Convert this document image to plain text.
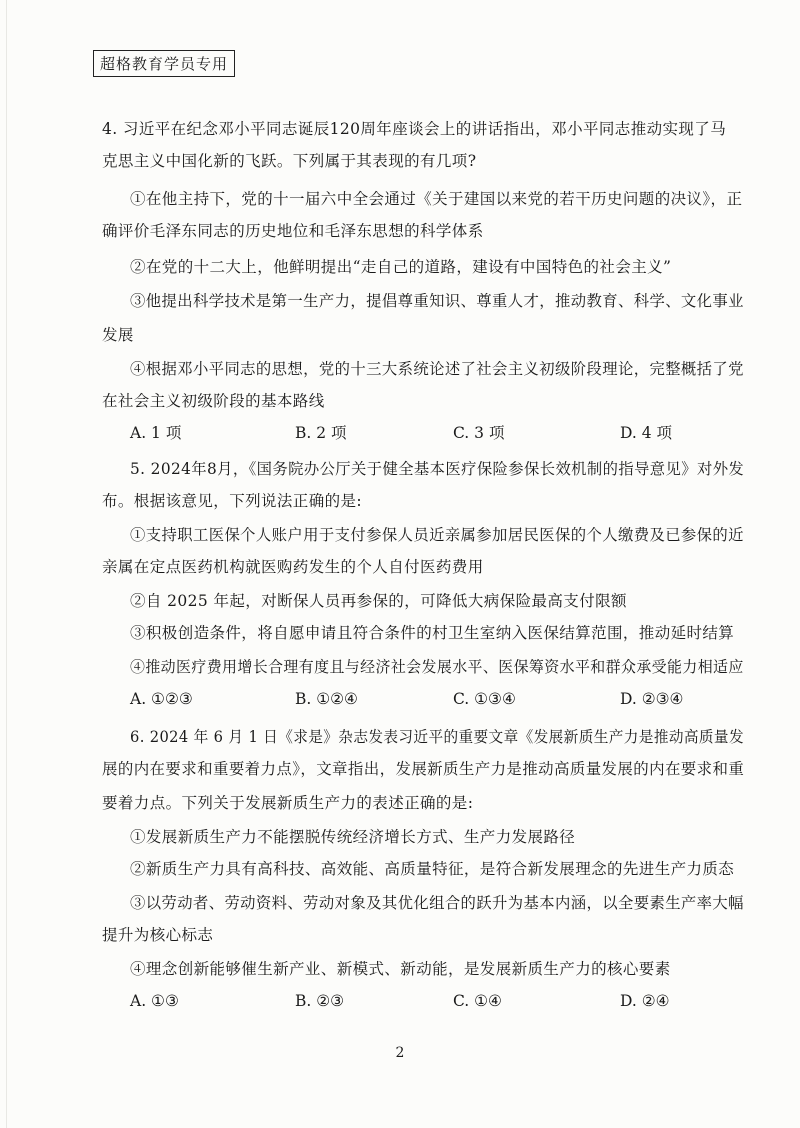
超格教育学员专用
4. 习近平在纪念邓小平同志诞辰120周年座谈会上的讲话指出，邓小平同志推动实现了马
克思主义中国化新的飞跃。下列属于其表现的有几项?
①在他主持下，党的十一届六中全会通过《关于建国以来党的若干历史问题的决议》，正
确评价毛泽东同志的历史地位和毛泽东思想的科学体系
②在党的十二大上，他鲜明提出“走自己的道路，建设有中国特色的社会主义”
③他提出科学技术是第一生产力，提倡尊重知识、尊重人才，推动教育、科学、文化事业
发展
④根据邓小平同志的思想，党的十三大系统论述了社会主义初级阶段理论，完整概括了党
在社会主义初级阶段的基本路线
A. 1 项	B. 2 项	C. 3 项	D. 4 项
5. 2024年8月，《国务院办公厅关于健全基本医疗保险参保长效机制的指导意见》对外发
布。根据该意见，下列说法正确的是:
①支持职工医保个人账户用于支付参保人员近亲属参加居民医保的个人缴费及已参保的近
亲属在定点医药机构就医购药发生的个人自付医药费用
②自 2025 年起，对断保人员再参保的，可降低大病保险最高支付限额
③积极创造条件，将自愿申请且符合条件的村卫生室纳入医保结算范围，推动延时结算
④推动医疗费用增长合理有度且与经济社会发展水平、医保筹资水平和群众承受能力相适应
A. ①②③	B. ①②④	C. ①③④	D. ②③④
6. 2024 年 6 月 1 日《求是》杂志发表习近平的重要文章《发展新质生产力是推动高质量发
展的内在要求和重要着力点》，文章指出，发展新质生产力是推动高质量发展的内在要求和重
要着力点。下列关于发展新质生产力的表述正确的是:
①发展新质生产力不能摆脱传统经济增长方式、生产力发展路径
②新质生产力具有高科技、高效能、高质量特征，是符合新发展理念的先进生产力质态
③以劳动者、劳动资料、劳动对象及其优化组合的跃升为基本内涵，以全要素生产率大幅
提升为核心标志
④理念创新能够催生新产业、新模式、新动能，是发展新质生产力的核心要素
A. ①③	B. ②③	C. ①④	D. ②④
2
